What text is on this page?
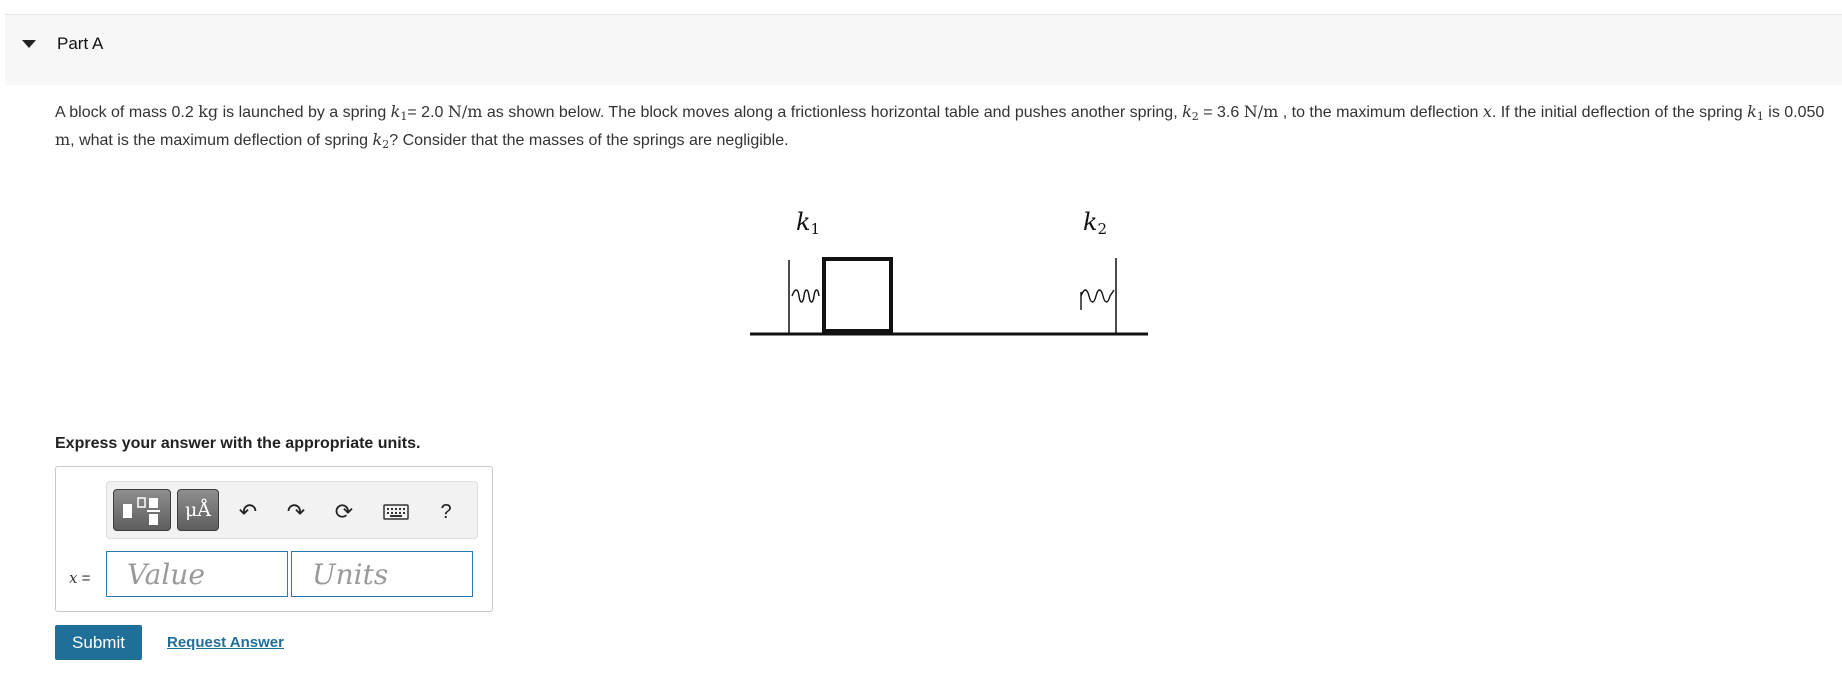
Part A
A block of mass 0.2 kg is launched by a spring $k_1= 2.0$ N/m as shown below. The block moves along a frictionless horizontal table and pushes another spring, $k_2 = 3.6$ N/m , to the maximum deflection x. If the initial deflection of the spring $k_1$ is 0.050 m, what is the maximum deflection of spring $k_2$? Consider that the masses of the springs are negligible.
k1	k2
Express your answer with the appropriate units.
μÅ	↶ ↷ ⟳	?
x =
Value
Units
Submit	Request Answer
